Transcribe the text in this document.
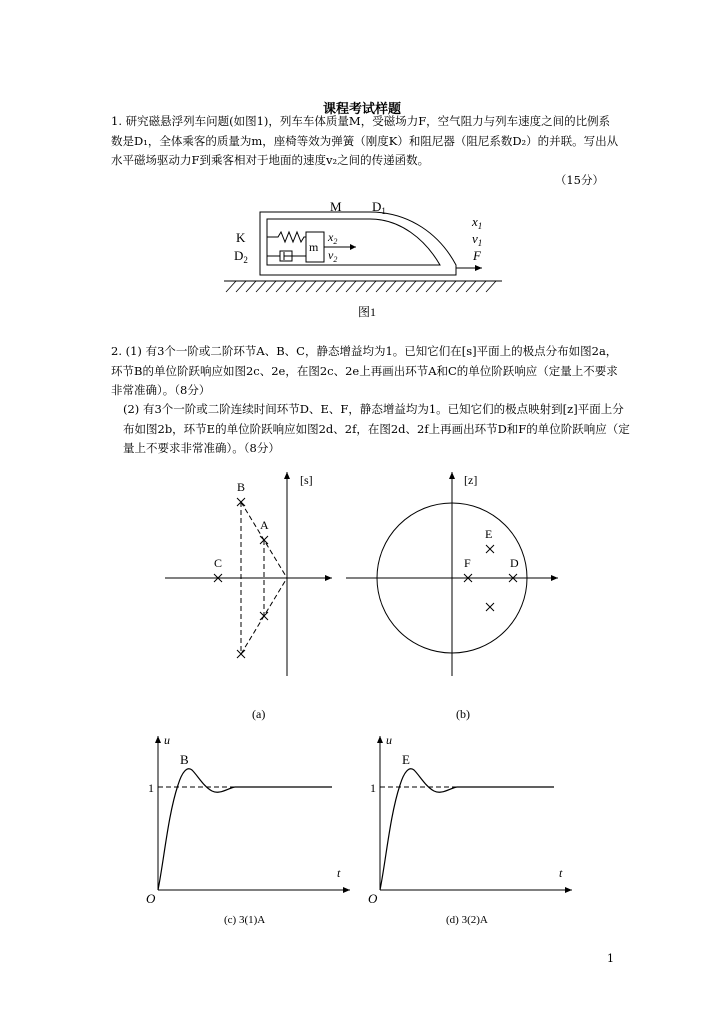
课程考试样题

1. 研究磁悬浮列车问题(如图1)，列车车体质量M，受磁场力F，空气阻力与列车速度之间的比例系数是D₁，全体乘客的质量为m，座椅等效为弹簧（刚度K）和阻尼器（阻尼系数D₂）的并联。写出从水平磁场驱动力F到乘客相对于地面的速度v₂之间的传递函数。

（15分）
m
$x_2$
$v_2$
M $D_1$
K
$D_2$
$x_1$
$v_1$
F
图1

2. (1) 有3个一阶或二阶环节A、B、C，静态增益均为1。已知它们在[s]平面上的极点分布如图2a，环节B的单位阶跃响应如图2c、2e，在图2c、2e上再画出环节A和C的单位阶跃响应（定量上不要求非常准确）。（8分）

(2) 有3个一阶或二阶连续时间环节D、E、F，静态增益均为1。已知它们的极点映射到[z]平面上分布如图2b，环节E的单位阶跃响应如图2d、2f，在图2d、2f上再画出环节D和F的单位阶跃响应（定量上不要求非常准确）。（8分）

[s]
B
A
C
(a)
[z]
E
F	D
(b)
u
B
1
t
O
(c) 3(1)A
u
E
1
t
O
(d) 3(2)A
1
